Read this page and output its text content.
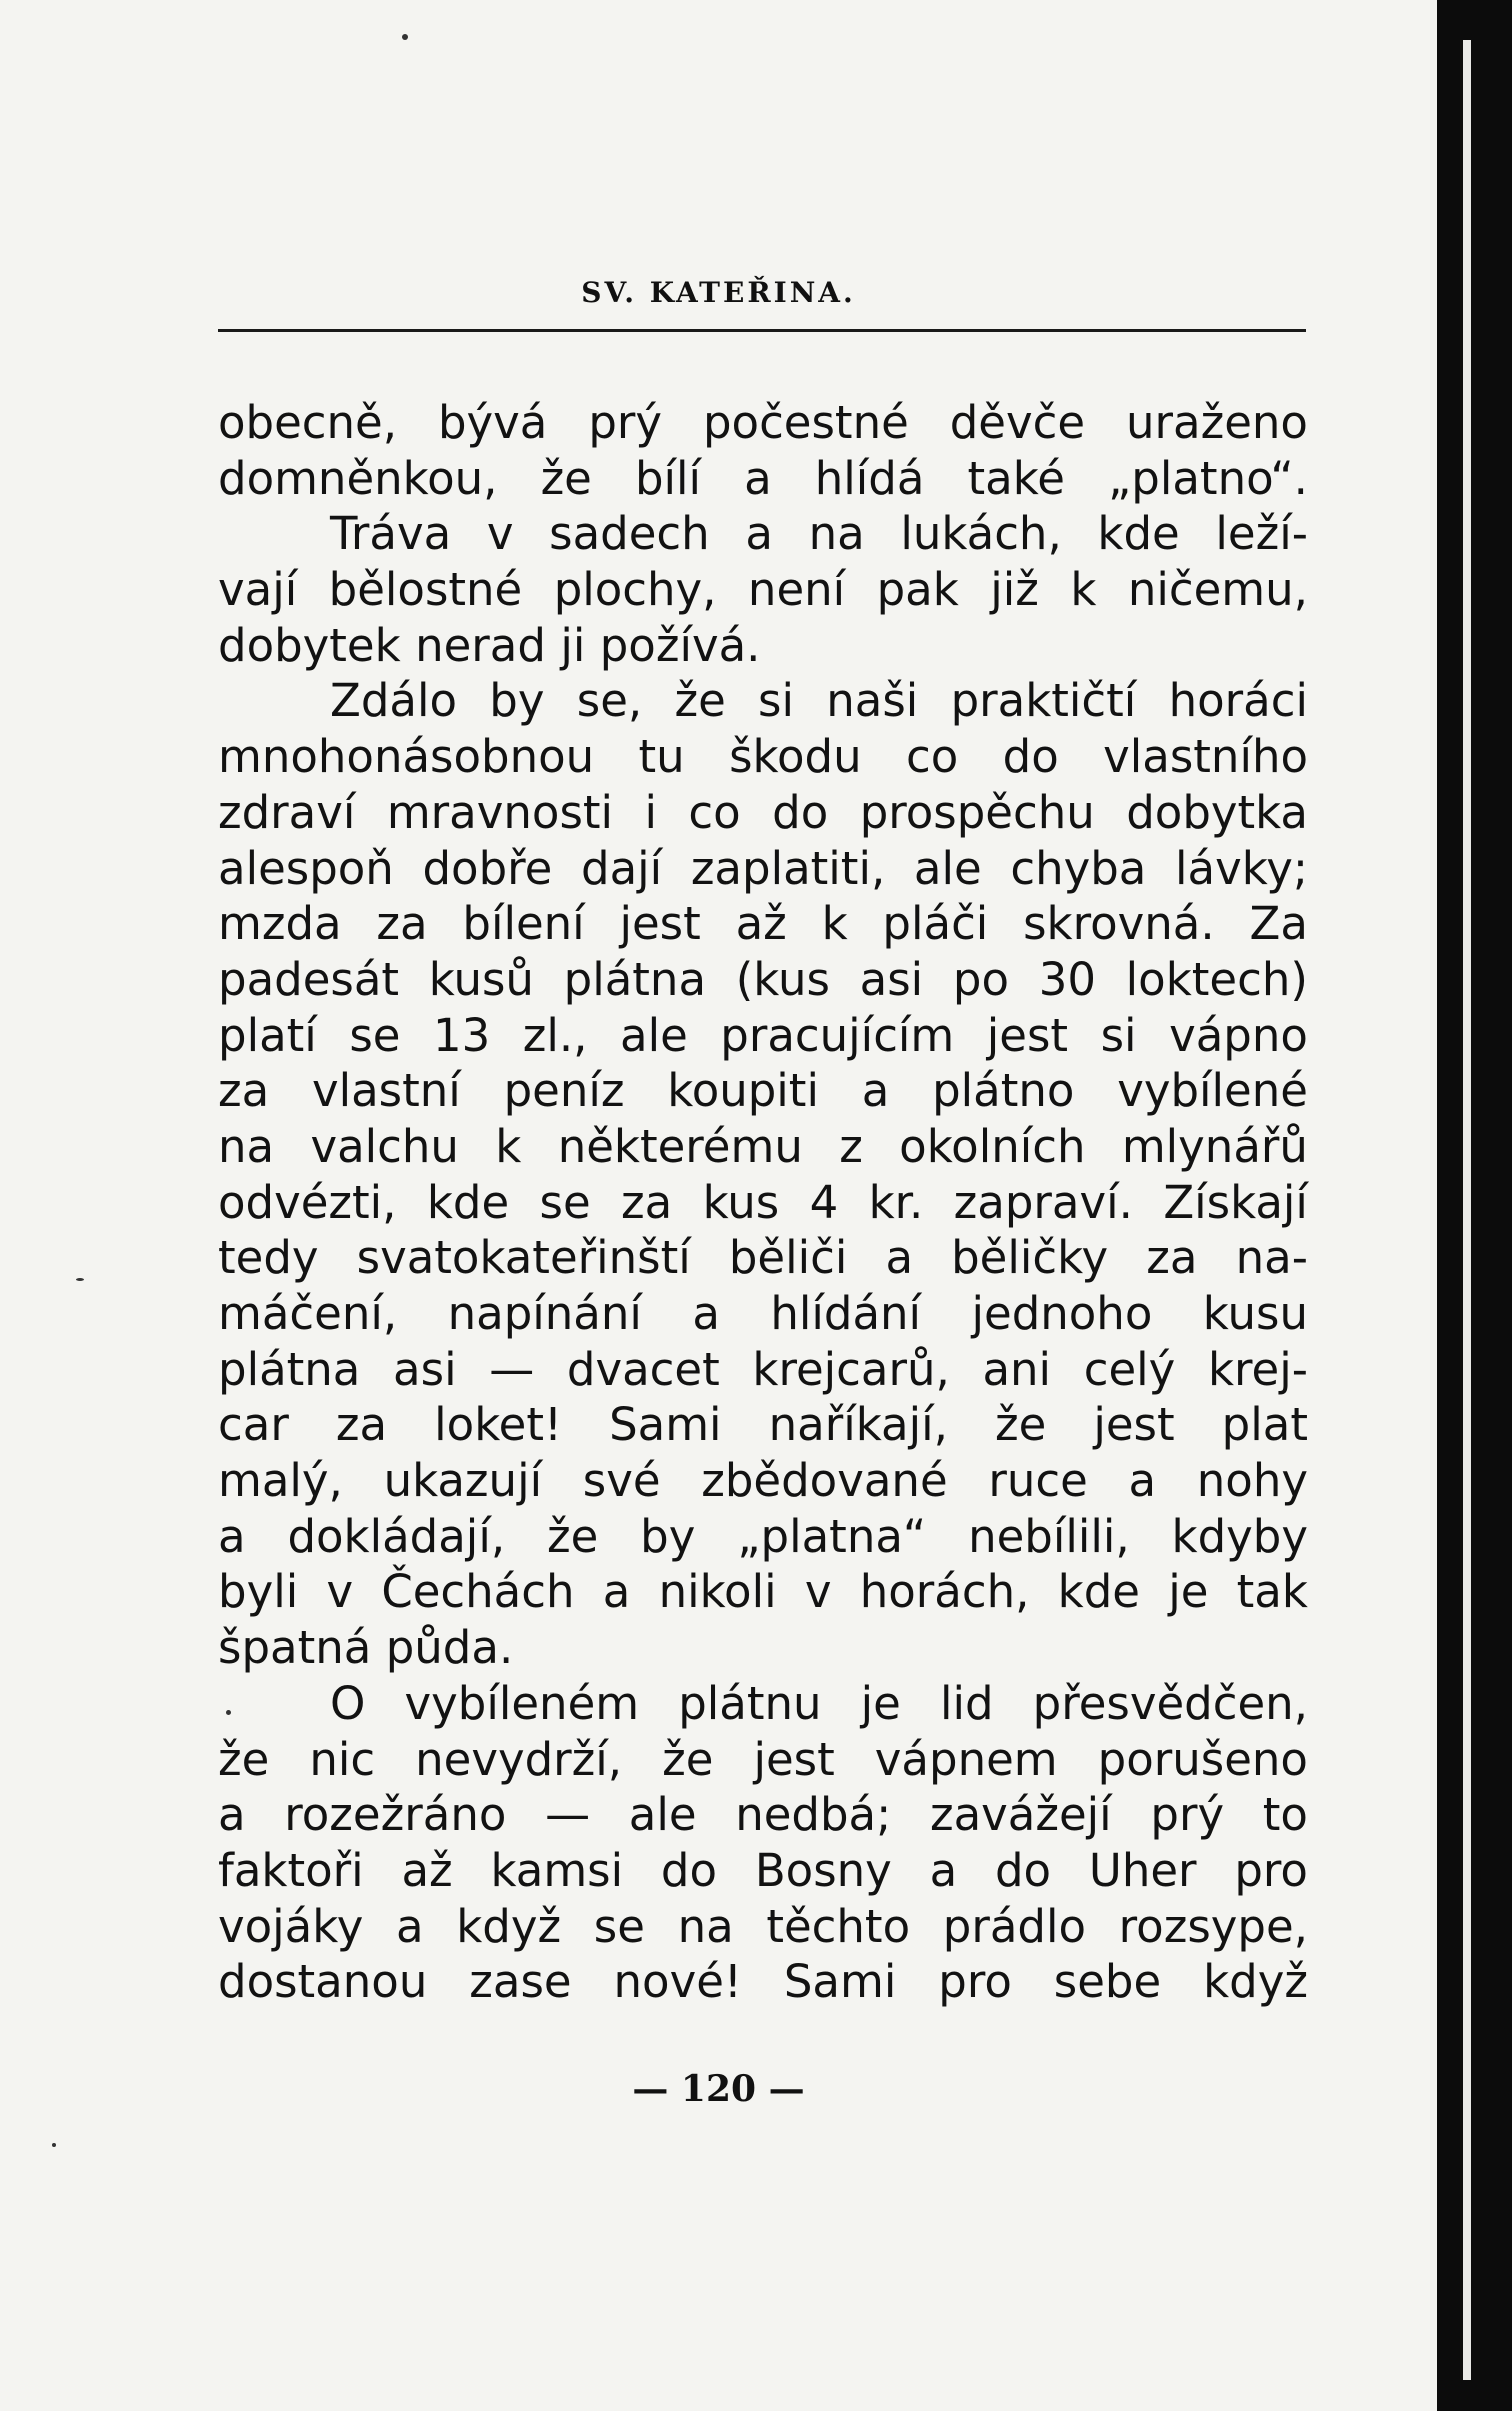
SV. KATEŘINA.
obecně, bývá prý počestné děvče uraženo
domněnkou, že bílí a hlídá také „platno“.
Tráva v sadech a na lukách, kde leží-
vají bělostné plochy, není pak již k ničemu,
dobytek nerad ji požívá.
Zdálo by se, že si naši praktičtí horáci
mnohonásobnou tu škodu co do vlastního
zdraví mravnosti i co do prospěchu dobytka
alespoň dobře dají zaplatiti, ale chyba lávky;
mzda za bílení jest až k pláči skrovná. Za
padesát kusů plátna (kus asi po 30 loktech)
platí se 13 zl., ale pracujícím jest si vápno
za vlastní peníz koupiti a plátno vybílené
na valchu k některému z okolních mlynářů
odvézti, kde se za kus 4 kr. zapraví. Získají
tedy svatokateřinští běliči a běličky za na-
máčení, napínání a hlídání jednoho kusu
plátna asi — dvacet krejcarů, ani celý krej-
car za loket! Sami naříkají, že jest plat
malý, ukazují své zbědované ruce a nohy
a dokládají, že by „platna“ nebílili, kdyby
byli v Čechách a nikoli v horách, kde je tak
špatná půda.
O vybíleném plátnu je lid přesvědčen,
že nic nevydrží, že jest vápnem porušeno
a rozežráno — ale nedbá; zavážejí prý to
faktoři až kamsi do Bosny a do Uher pro
vojáky a když se na těchto prádlo rozsype,
dostanou zase nové! Sami pro sebe když
— 120 —
